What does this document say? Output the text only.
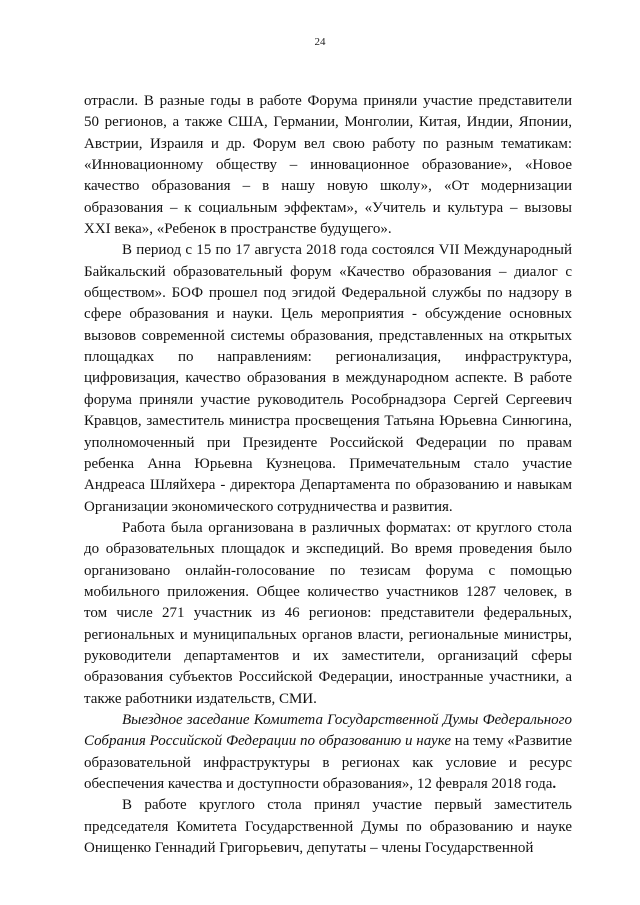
24

отрасли. В разные годы в работе Форума приняли участие представители 50 регионов, а также США, Германии, Монголии, Китая, Индии, Японии, Австрии, Израиля и др. Форум вел свою работу по разным тематикам: «Инновационному обществу – инновационное образование», «Новое качество образования – в нашу новую школу», «От модернизации образования – к социальным эффектам», «Учитель и культура – вызовы XXI века», «Ребенок в пространстве будущего».

В период с 15 по 17 августа 2018 года состоялся VII Международный Байкальский образовательный форум «Качество образования – диалог с обществом». БОФ прошел под эгидой Федеральной службы по надзору в сфере образования и науки. Цель мероприятия - обсуждение основных вызовов современной системы образования, представленных на открытых площадках по направлениям: регионализация, инфраструктура, цифровизация, качество образования в международном аспекте. В работе форума приняли участие руководитель Рособрнадзора Сергей Сергеевич Кравцов, заместитель министра просвещения Татьяна Юрьевна Синюгина, уполномоченный при Президенте Российской Федерации по правам ребенка Анна Юрьевна Кузнецова. Примечательным стало участие Андреаса Шляйхера - директора Департамента по образованию и навыкам Организации экономического сотрудничества и развития.

Работа была организована в различных форматах: от круглого стола до образовательных площадок и экспедиций. Во время проведения было организовано онлайн-голосование по тезисам форума с помощью мобильного приложения. Общее количество участников 1287 человек, в том числе 271 участник из 46 регионов: представители федеральных, региональных и муниципальных органов власти, региональные министры, руководители департаментов и их заместители, организаций сферы образования субъектов Российской Федерации, иностранные участники, а также работники издательств, СМИ.

Выездное заседание Комитета Государственной Думы Федерального Собрания Российской Федерации по образованию и науке на тему «Развитие образовательной инфраструктуры в регионах как условие и ресурс обеспечения качества и доступности образования», 12 февраля 2018 года.

В работе круглого стола принял участие первый заместитель председателя Комитета Государственной Думы по образованию и науке Онищенко Геннадий Григорьевич, депутаты – члены Государственной
